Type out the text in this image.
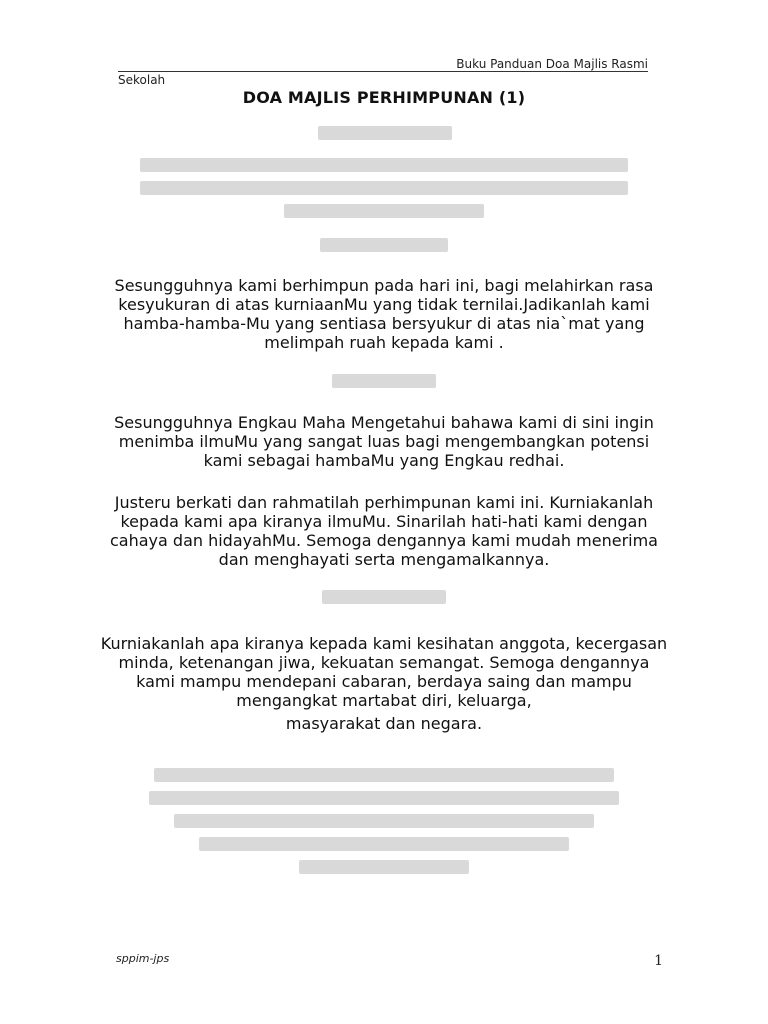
Buku Panduan Doa Majlis Rasmi
Sekolah
DOA MAJLIS PERHIMPUNAN (1)
Sesungguhnya kami berhimpun pada hari ini, bagi melahirkan rasa kesyukuran di atas kurniaanMu yang tidak ternilai.Jadikanlah kami hamba-hamba-Mu yang sentiasa bersyukur di atas nia`mat yang melimpah ruah kepada kami .
Sesungguhnya Engkau Maha Mengetahui bahawa kami di sini ingin menimba ilmuMu yang sangat luas bagi mengembangkan potensi kami sebagai hambaMu yang Engkau redhai.
Justeru berkati dan rahmatilah perhimpunan kami ini. Kurniakanlah kepada kami apa kiranya ilmuMu. Sinarilah hati-hati kami dengan cahaya dan hidayahMu. Semoga dengannya kami mudah menerima dan menghayati serta mengamalkannya.
Kurniakanlah apa kiranya kepada kami kesihatan anggota, kecergasan minda, ketenangan jiwa, kekuatan semangat. Semoga dengannya kami mampu mendepani cabaran, berdaya saing dan mampu mengangkat martabat diri, keluarga,
masyarakat dan negara.
sppim-jps	1
